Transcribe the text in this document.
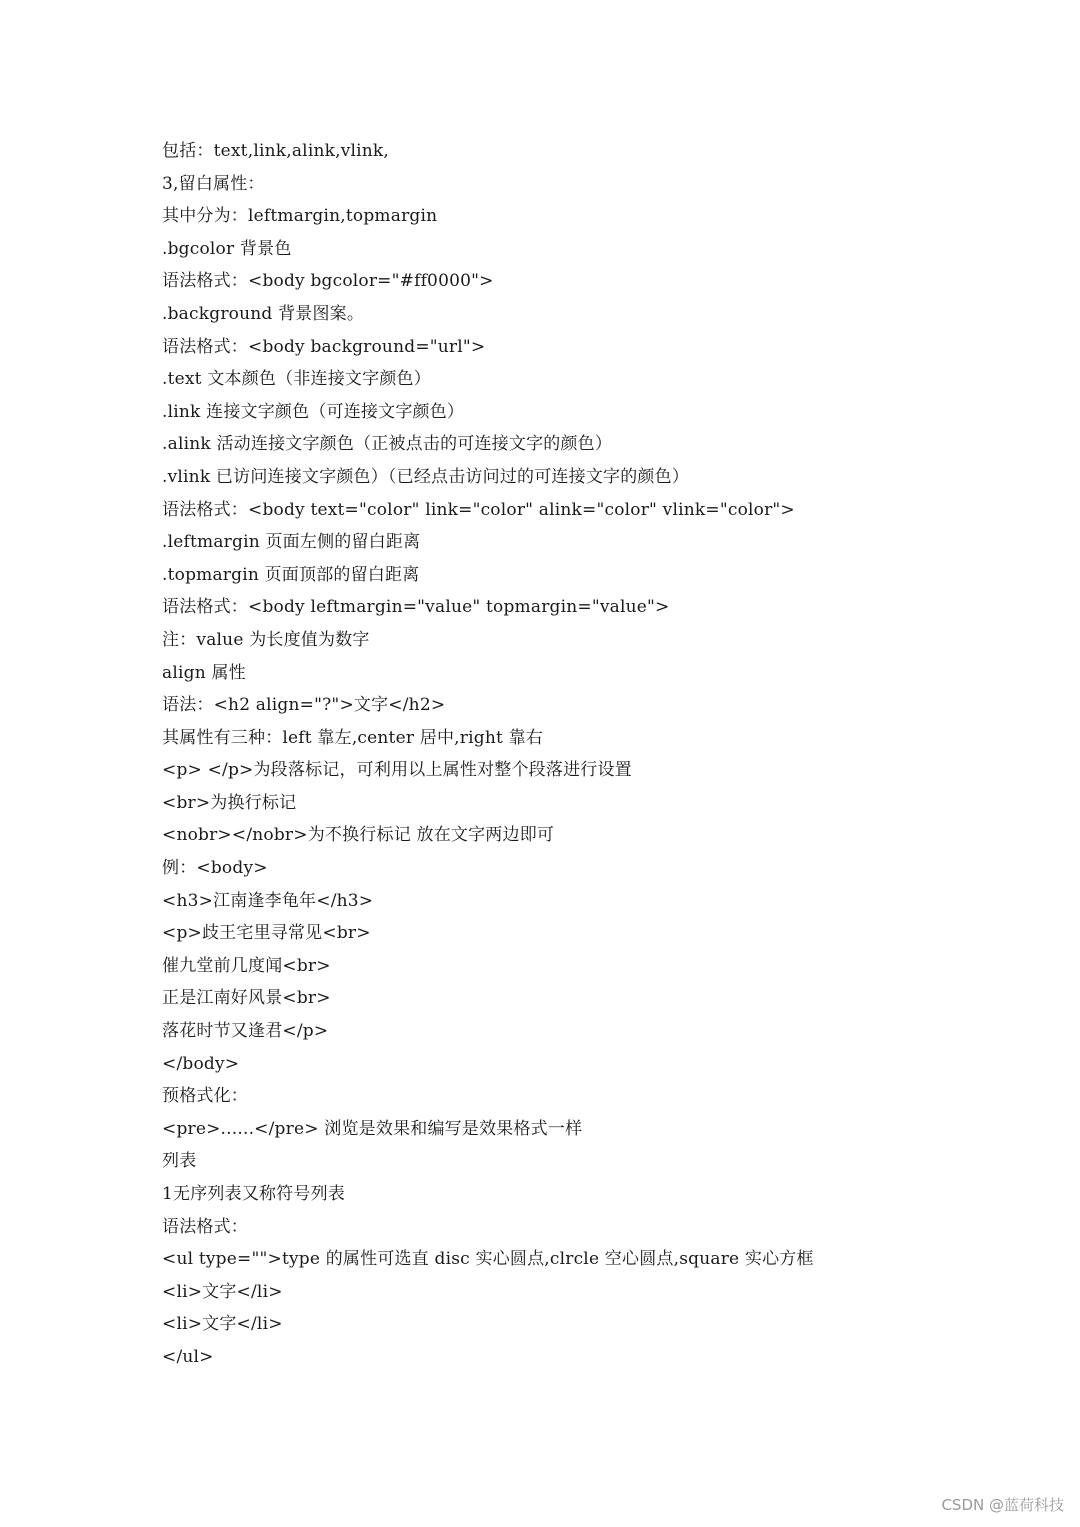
包括：text,link,alink,vlink,
3,留白属性：
其中分为：leftmargin,topmargin
.bgcolor 背景色
语法格式：<body bgcolor="#ff0000">
.background 背景图案。
语法格式：<body background="url">
.text 文本颜色（非连接文字颜色）
.link 连接文字颜色（可连接文字颜色）
.alink 活动连接文字颜色（正被点击的可连接文字的颜色）
.vlink 已访问连接文字颜色）（已经点击访问过的可连接文字的颜色）
语法格式：<body text="color" link="color" alink="color" vlink="color">
.leftmargin 页面左侧的留白距离
.topmargin 页面顶部的留白距离
语法格式：<body leftmargin="value" topmargin="value">
注：value 为长度值为数字
align 属性
语法：<h2 align="?">文字</h2>
其属性有三种：left 靠左,center 居中,right 靠右
<p> </p>为段落标记，可利用以上属性对整个段落进行设置
<br>为换行标记
<nobr></nobr>为不换行标记 放在文字两边即可
例：<body>
<h3>江南逢李龟年</h3>
<p>歧王宅里寻常见<br>
催九堂前几度闻<br>
正是江南好风景<br>
落花时节又逢君</p>
</body>
预格式化：
<pre>......</pre> 浏览是效果和编写是效果格式一样
列表
1无序列表又称符号列表
语法格式：
<ul type="">type 的属性可选直 disc 实心圆点,clrcle 空心圆点,square 实心方框
<li>文字</li>
<li>文字</li>
</ul>
CSDN @蓝荷科技
